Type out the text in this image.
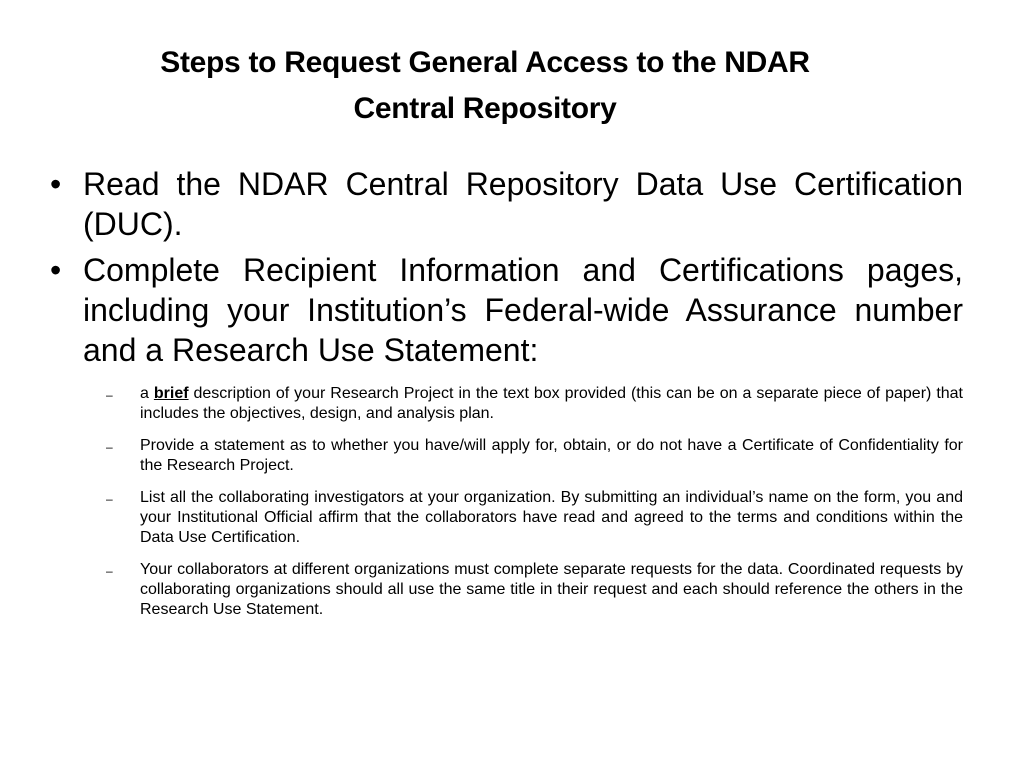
Steps to Request General Access to the NDAR
Central Repository
• Read the NDAR Central Repository Data Use Certification (DUC).
• Complete Recipient Information and Certifications pages, including your Institution’s Federal-wide Assurance number and a Research Use Statement:
– a brief description of your Research Project in the text box provided (this can be on a separate piece of paper) that includes the objectives, design, and analysis plan.
– Provide a statement as to whether you have/will apply for, obtain, or do not have a Certificate of Confidentiality for the Research Project.
– List all the collaborating investigators at your organization. By submitting an individual’s name on the form, you and your Institutional Official affirm that the collaborators have read and agreed to the terms and conditions within the Data Use Certification.
– Your collaborators at different organizations must complete separate requests for the data. Coordinated requests by collaborating organizations should all use the same title in their request and each should reference the others in the Research Use Statement.
